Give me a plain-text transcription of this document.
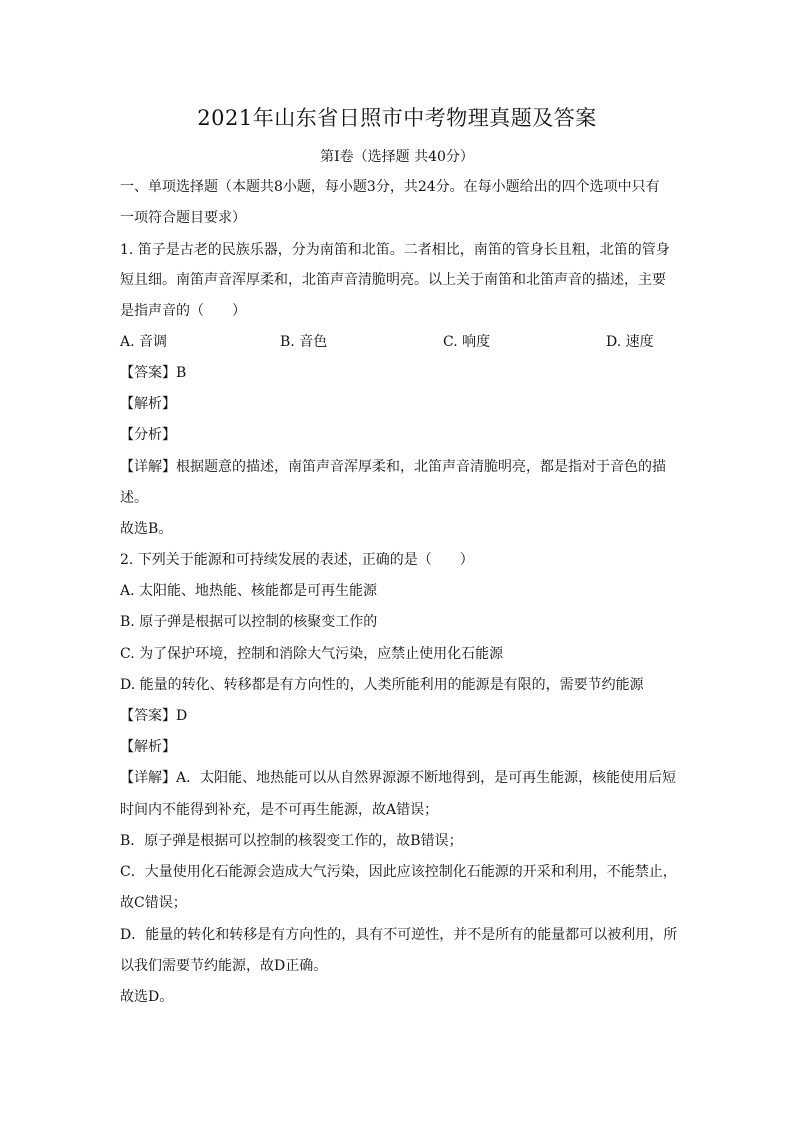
2021年山东省日照市中考物理真题及答案
第Ⅰ卷（选择题 共40分）
一、单项选择题（本题共8小题，每小题3分，共24分。在每小题给出的四个选项中只有
一项符合题目要求）
1. 笛子是古老的民族乐器，分为南笛和北笛。二者相比，南笛的管身长且粗，北笛的管身
短且细。南笛声音浑厚柔和，北笛声音清脆明亮。以上关于南笛和北笛声音的描述，主要
是指声音的（　　）
A. 音调	B. 音色	C. 响度	D. 速度
【答案】B
【解析】
【分析】
【详解】根据题意的描述，南笛声音浑厚柔和，北笛声音清脆明亮，都是指对于音色的描
述。
故选B。
2. 下列关于能源和可持续发展的表述，正确的是（　　）
A. 太阳能、地热能、核能都是可再生能源
B. 原子弹是根据可以控制的核聚变工作的
C. 为了保护环境，控制和消除大气污染，应禁止使用化石能源
D. 能量的转化、转移都是有方向性的，人类所能利用的能源是有限的，需要节约能源
【答案】D
【解析】
【详解】A．太阳能、地热能可以从自然界源源不断地得到，是可再生能源，核能使用后短
时间内不能得到补充，是不可再生能源，故A错误；
B．原子弹是根据可以控制的核裂变工作的，故B错误；
C．大量使用化石能源会造成大气污染，因此应该控制化石能源的开采和利用，不能禁止，
故C错误；
D．能量的转化和转移是有方向性的，具有不可逆性，并不是所有的能量都可以被利用，所
以我们需要节约能源，故D正确。
故选D。
